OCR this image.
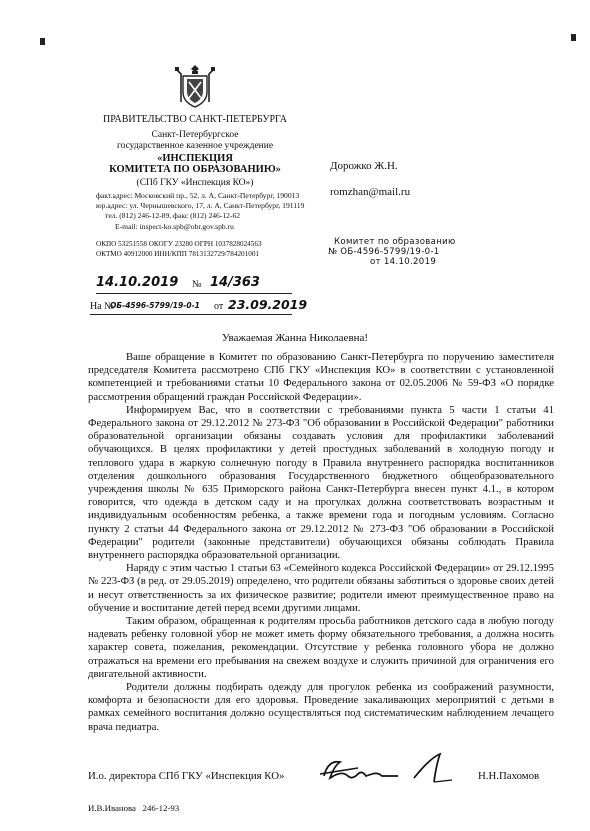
ПРАВИТЕЛЬСТВО САНКТ-ПЕТЕРБУРГА
Санкт-Петербургское
государственное казенное учреждение
«ИНСПЕКЦИЯ
КОМИТЕТА ПО ОБРАЗОВАНИЮ»
(СПб ГКУ «Инспекция КО»)
факт.адрес: Московский пр., 52, л. А, Санкт-Петербург, 190013
юр.адрес: ул. Чернышевского, 17, л. А, Санкт-Петербург, 191119
тел. (812) 246-12-89, факс (812) 246-12-62
E-mail: inspect-ko.spb@obr.gov.spb.ru
ОКПО 53251558 ОКОГУ 23280 ОГРН 1037828024563
ОКТМО 40912000 ИНН/КПП 7813132729/784201001
14.10.2019 № 14/363
На №
ОБ-4596-5799/19-0-1 от 23.09.2019
Дорожко Ж.Н.
romzhan@mail.ru
Комитет по образованию
№ ОБ-4596-5799/19-0-1
от 14.10.2019
Уважаемая Жанна Николаевна!

Ваше обращение в Комитет по образованию Санкт-Петербурга по поручению заместителя председателя Комитета рассмотрено СПб ГКУ «Инспекция КО» в соответствии с установленной компетенцией и требованиями статьи 10 Федерального закона от 02.05.2006 № 59-ФЗ «О порядке рассмотрения обращений граждан Российской Федерации».

Информируем Вас, что в соответствии с требованиями пункта 5 части 1 статьи 41 Федерального закона от 29.12.2012 № 273-ФЗ "Об образовании в Российской Федерации" работники образовательной организации обязаны создавать условия для профилактики заболеваний обучающихся. В целях профилактики у детей простудных заболеваний в холодную погоду и теплового удара в жаркую солнечную погоду в Правила внутреннего распорядка воспитанников отделения дошкольного образования Государственного бюджетного общеобразовательного учреждения школы № 635 Приморского района Санкт-Петербурга внесен пункт 4.1., в котором говорится, что одежда в детском саду и на прогулках должна соответствовать возрастным и индивидуальным особенностям ребенка, а также времени года и погодным условиям. Согласно пункту 2 статьи 44 Федерального закона от 29.12.2012 № 273-ФЗ "Об образовании в Российской Федерации" родители (законные представители) обучающихся обязаны соблюдать Правила внутреннего распорядка образовательной организации.

Наряду с этим частью 1 статьи 63 «Семейного кодекса Российской Федерации» от 29.12.1995 № 223-ФЗ (в ред. от 29.05.2019) определено, что родители обязаны заботиться о здоровье своих детей и несут ответственность за их физическое развитие; родители имеют преимущественное право на обучение и воспитание детей перед всеми другими лицами.

Таким образом, обращенная к родителям просьба работников детского сада в любую погоду надевать ребенку головной убор не может иметь форму обязательного требования, а должна носить характер совета, пожелания, рекомендации. Отсутствие у ребенка головного убора не должно отражаться на времени его пребывания на свежем воздухе и служить причиной для ограничения его двигательной активности.

Родители должны подбирать одежду для прогулок ребенка из соображений разумности, комфорта и безопасности для его здоровья. Проведение закаливающих мероприятий с детьми в рамках семейного воспитания должно осуществляться под систематическим наблюдением лечащего врача педиатра.

И.о. директора СПб ГКУ «Инспекция КО»	Н.Н.Пахомов
И.В.Иванова   246-12-93
